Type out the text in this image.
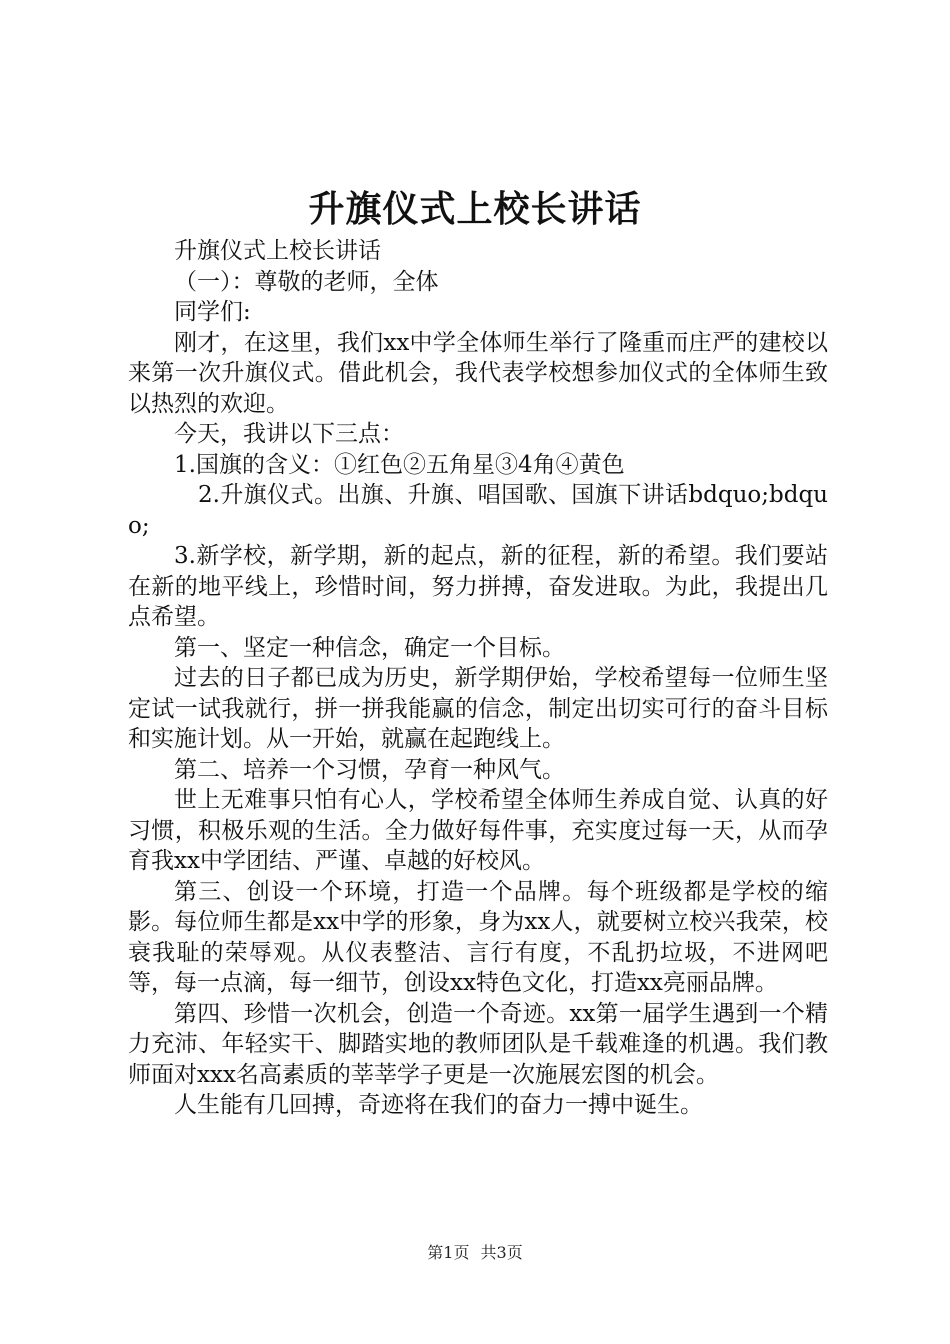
升旗仪式上校长讲话

升旗仪式上校长讲话

（一）：尊敬的老师，全体

同学们:

刚才，在这里，我们xx中学全体师生举行了隆重而庄严的建校以来第一次升旗仪式。借此机会，我代表学校想参加仪式的全体师生致以热烈的欢迎。

今天，我讲以下三点：

1.国旗的含义：①红色②五角星③4角④黄色

2.升旗仪式。出旗、升旗、唱国歌、国旗下讲话bdquo;bdquo;

3.新学校，新学期，新的起点，新的征程，新的希望。我们要站在新的地平线上，珍惜时间，努力拼搏，奋发进取。为此，我提出几点希望。

第一、坚定一种信念，确定一个目标。

过去的日子都已成为历史，新学期伊始，学校希望每一位师生坚定试一试我就行，拼一拼我能赢的信念，制定出切实可行的奋斗目标和实施计划。从一开始，就赢在起跑线上。

第二、培养一个习惯，孕育一种风气。

世上无难事只怕有心人，学校希望全体师生养成自觉、认真的好习惯，积极乐观的生活。全力做好每件事，充实度过每一天，从而孕育我xx中学团结、严谨、卓越的好校风。

第三、创设一个环境，打造一个品牌。每个班级都是学校的缩影。每位师生都是xx中学的形象，身为xx人，就要树立校兴我荣，校衰我耻的荣辱观。从仪表整洁、言行有度，不乱扔垃圾，不进网吧等，每一点滴，每一细节，创设xx特色文化，打造xx亮丽品牌。

第四、珍惜一次机会，创造一个奇迹。xx第一届学生遇到一个精力充沛、年轻实干、脚踏实地的教师团队是千载难逢的机遇。我们教师面对xxx名高素质的莘莘学子更是一次施展宏图的机会。

人生能有几回搏，奇迹将在我们的奋力一搏中诞生。

第1页 共3页
